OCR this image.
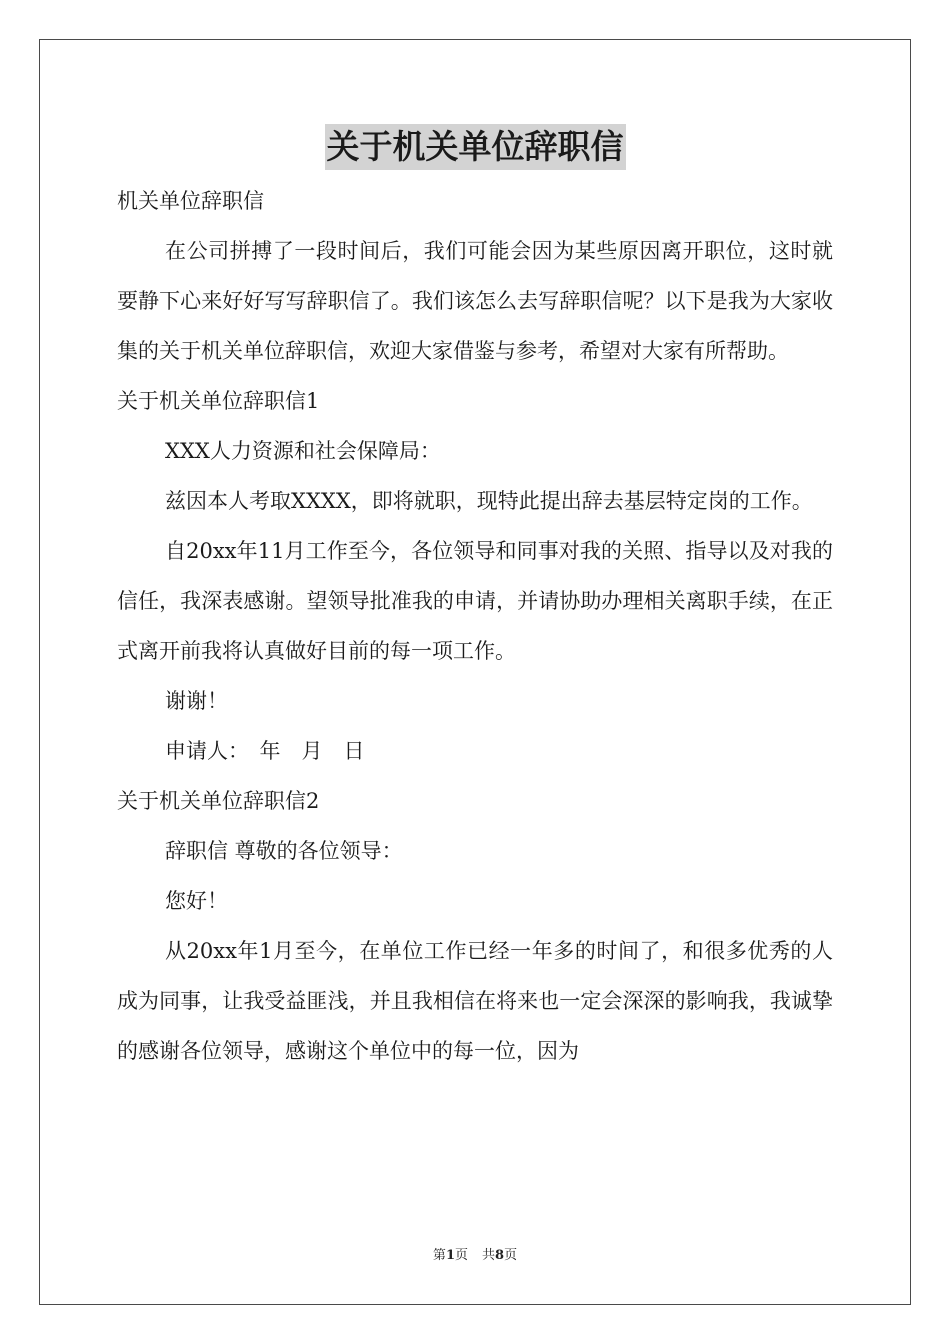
关于机关单位辞职信

机关单位辞职信

在公司拼搏了一段时间后，我们可能会因为某些原因离开职位，这时就要静下心来好好写写辞职信了。我们该怎么去写辞职信呢？以下是我为大家收集的关于机关单位辞职信，欢迎大家借鉴与参考，希望对大家有所帮助。

关于机关单位辞职信1

XXX人力资源和社会保障局：

兹因本人考取XXXX，即将就职，现特此提出辞去基层特定岗的工作。

自20xx年11月工作至今，各位领导和同事对我的关照、指导以及对我的信任，我深表感谢。望领导批准我的申请，并请协助办理相关离职手续，在正式离开前我将认真做好目前的每一项工作。

谢谢！

申请人：　年　月　日

关于机关单位辞职信2

辞职信 尊敬的各位领导：

您好！

从20xx年1月至今，在单位工作已经一年多的时间了，和很多优秀的人成为同事，让我受益匪浅，并且我相信在将来也一定会深深的影响我，我诚挚的感谢各位领导，感谢这个单位中的每一位，因为

第1页 共8页
